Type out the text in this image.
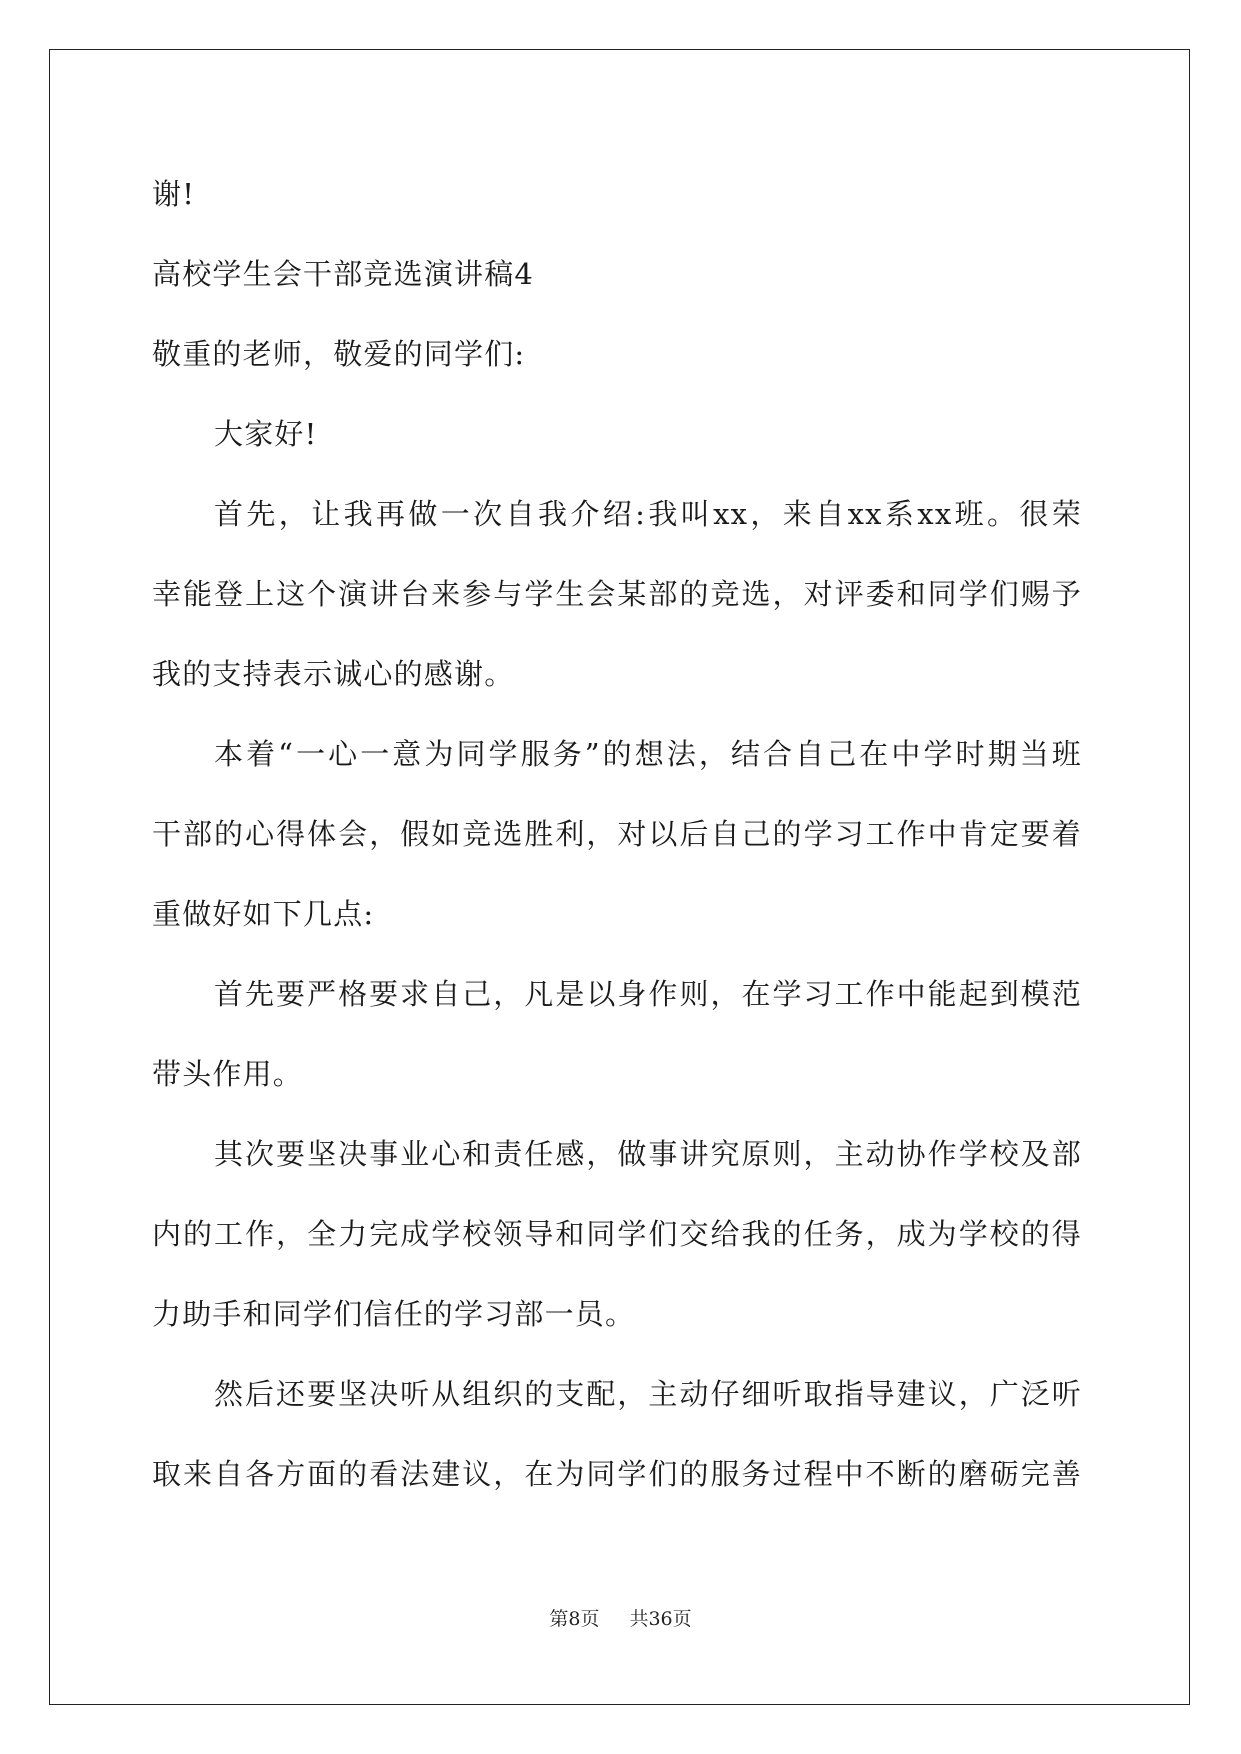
谢!
高校学生会干部竞选演讲稿4
敬重的老师，敬爱的同学们:
大家好!
首先，让我再做一次自我介绍:我叫xx，来自xx系xx班。很荣
幸能登上这个演讲台来参与学生会某部的竞选，对评委和同学们赐予
我的支持表示诚心的感谢。
本着“一心一意为同学服务”的想法，结合自己在中学时期当班
干部的心得体会，假如竞选胜利，对以后自己的学习工作中肯定要着
重做好如下几点:
首先要严格要求自己，凡是以身作则，在学习工作中能起到模范
带头作用。
其次要坚决事业心和责任感，做事讲究原则，主动协作学校及部
内的工作，全力完成学校领导和同学们交给我的任务，成为学校的得
力助手和同学们信任的学习部一员。
然后还要坚决听从组织的支配，主动仔细听取指导建议，广泛听
取来自各方面的看法建议，在为同学们的服务过程中不断的磨砺完善
第8页 共36页
